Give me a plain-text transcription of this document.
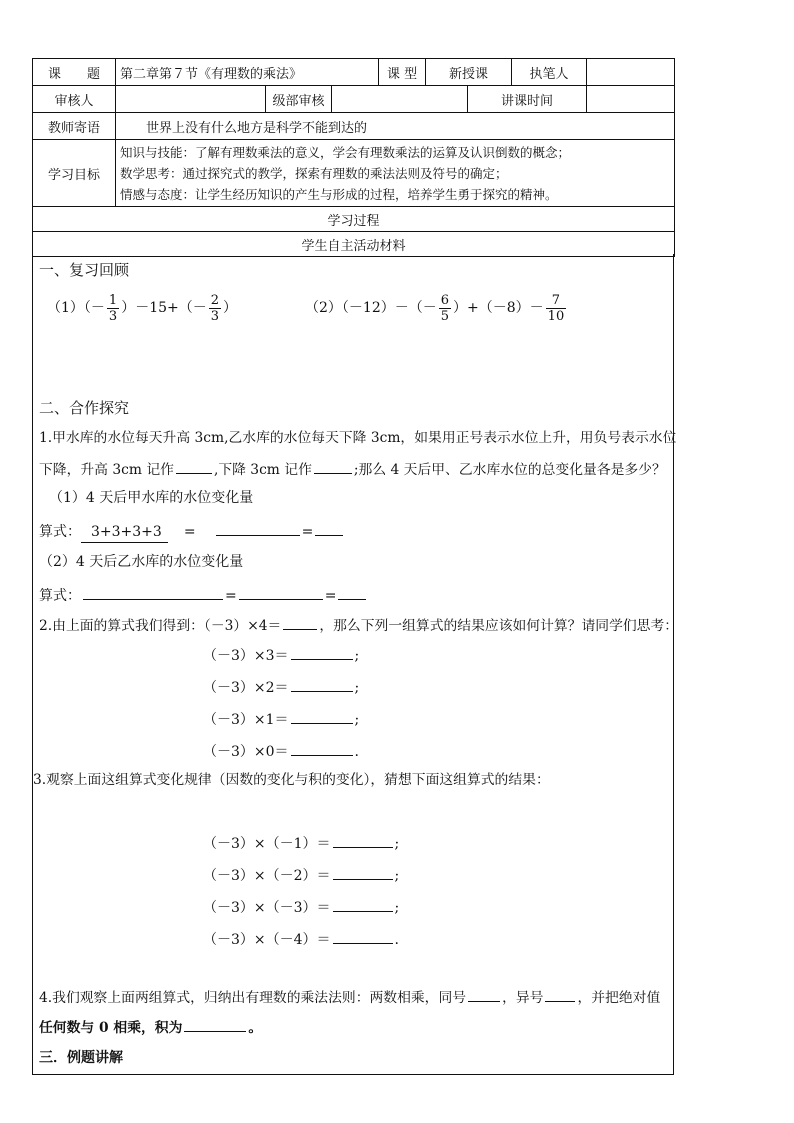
课　　题	第二章第７节《有理数的乘法》			课 型	新授课		执笔人	
审核人		级部审核				讲课时间		
教师寄语	世界上没有什么地方是科学不能到达的							
学习目标	知识与技能：了解有理数乘法的意义，学会有理数乘法的运算及认识倒数的概念；
数学思考：通过探究式的教学，探索有理数的乘法法则及符号的确定；
情感与态度：让学生经历知识的产生与形成的过程，培养学生勇于探究的精神。							

学习过程								
学生自主活动材料								
一、复习回顾
$(1)(- \frac{1}{3} )-15+(- \frac{2}{3}$ ）	$(2)(-12)-(- \frac{6}{5} )+(-8)- \frac{7}{10}$
二、合作探究
1.甲水库的水位每天升高 3cm,乙水库的水位每天下降 3cm，如果用正号表示水位上升，用负号表示水位
下降，升高 3cm 记作	,下降 3cm 记作	;那么 4 天后甲、乙水库水位的总变化量各是多少？
（1）4 天后甲水库的水位变化量
算式： 3+3+3+3 =	=
（2）4 天后乙水库的水位变化量
算式：	=	=
2.由上面的算式我们得到：（－3）×4＝	，那么下列一组算式的结果应该如何计算？请同学们思考：
（－3）×3＝	;
（－3）×2＝	;
（－3）×1＝	;
（－3）×0＝	.
3.观察上面这组算式变化规律（因数的变化与积的变化），猜想下面这组算式的结果：
（－3）×（－1）＝	;
（－3）×（－2）＝	;
（－3）×（－3）＝	;
（－3）×（－4）＝	.
4.我们观察上面两组算式，归纳出有理数的乘法法则：两数相乘，同号	，异号 ，并把绝对值
任何数与 0 相乘，积为	。
三．例题讲解
